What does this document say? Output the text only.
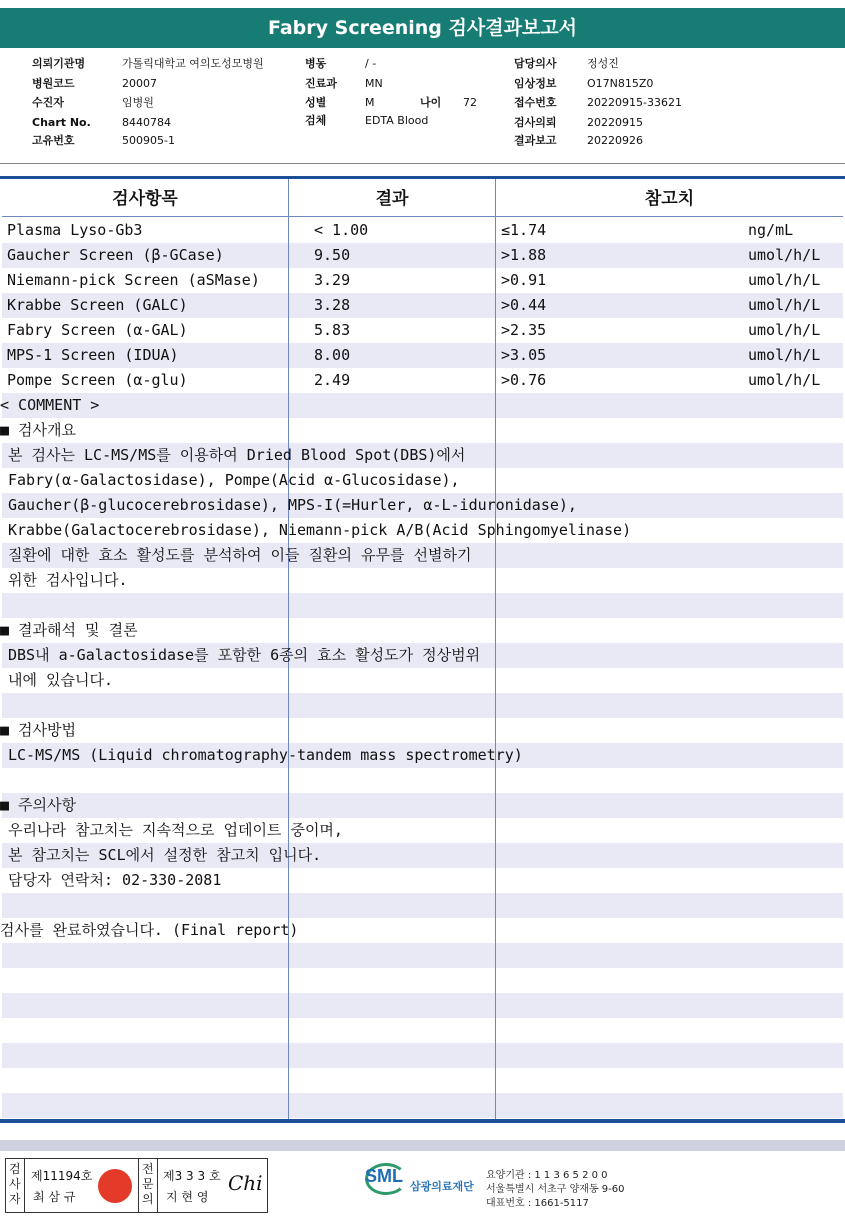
Fabry Screening 검사결과보고서
의뢰기관명	가톨릭대학교 여의도성모병원
병원코드	20007
수진자	임병원
Chart No.	8440784
고유번호	500905-1
병동	/ -
진료과	MN
성별	M
검체	EDTA Blood
나이 72
담당의사	정성진
임상정보	O17N815Z0
접수번호	20220915-33621
검사의뢰	20220915
결과보고	20220926
검사항목	결과	참고치
Plasma Lyso-Gb3	< 1.00	≤1.74	ng/mL
Gaucher Screen (β-GCase)	9.50	>1.88	umol/h/L
Niemann-pick Screen (aSMase)	3.29	>0.91	umol/h/L
Krabbe Screen (GALC)	3.28	>0.44	umol/h/L
Fabry Screen (α-GAL)	5.83	>2.35	umol/h/L
MPS-1 Screen (IDUA)	8.00	>3.05	umol/h/L
Pompe Screen (α-glu)	2.49	>0.76	umol/h/L
< COMMENT >
■ 검사개요
본 검사는 LC-MS/MS를 이용하여 Dried Blood Spot(DBS)에서
Fabry(α-Galactosidase), Pompe(Acid α-Glucosidase),
Gaucher(β-glucocerebrosidase), MPS-I(=Hurler, α-L-iduronidase),
Krabbe(Galactocerebrosidase), Niemann-pick A/B(Acid Sphingomyelinase)
질환에 대한 효소 활성도를 분석하여 이들 질환의 유무를 선별하기
위한 검사입니다.
■ 결과해석 및 결론
DBS내 a-Galactosidase를 포함한 6종의 효소 활성도가 정상범위
내에 있습니다.
■ 검사방법
LC-MS/MS (Liquid chromatography-tandem mass spectrometry)
■ 주의사항
우리나라 참고치는 지속적으로 업데이트 중이며,
본 참고치는 SCL에서 설정한 참고치 입니다.
담당자 연락처: 02-330-2081
검사를 완료하였습니다. (Final report)
검사자
제11194호
최 삼 규
전문의
제3 3 3 호
지 현 영
Chi	SML
삼광의료재단
요양기관 : 1 1 3 6 5 2 0 0
서울특별시 서초구 양재동 9-60
대표번호 : 1661-5117
